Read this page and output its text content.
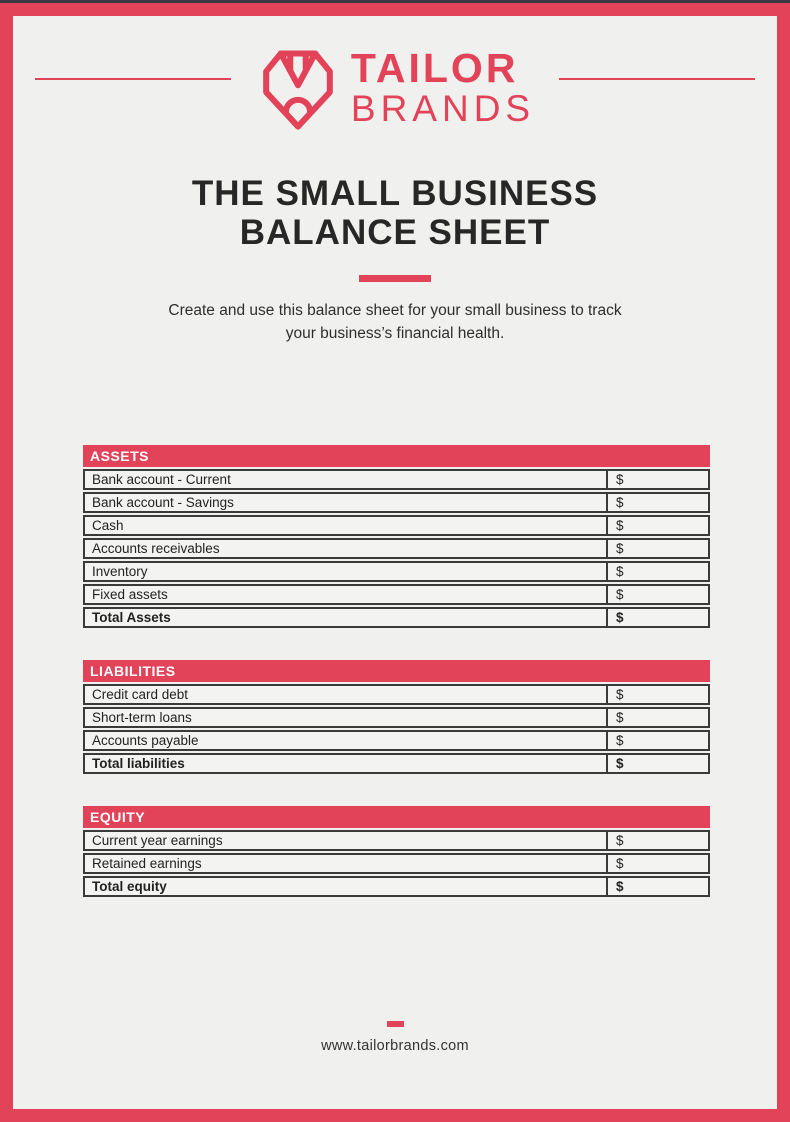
TAILOR
BRANDS
THE SMALL BUSINESS
BALANCE SHEET

Create and use this balance sheet for your small business to track
your business’s financial health.

ASSETS	
Bank account - Current	$
Bank account - Savings	$
Cash	$
Accounts receivables	$
Inventory	$
Fixed assets	$
Total Assets	$
LIABILITIES	
Credit card debt	$
Short-term loans	$
Accounts payable	$
Total liabilities	$
EQUITY	
Current year earnings	$
Retained earnings	$
Total equity	$
www.tailorbrands.com
